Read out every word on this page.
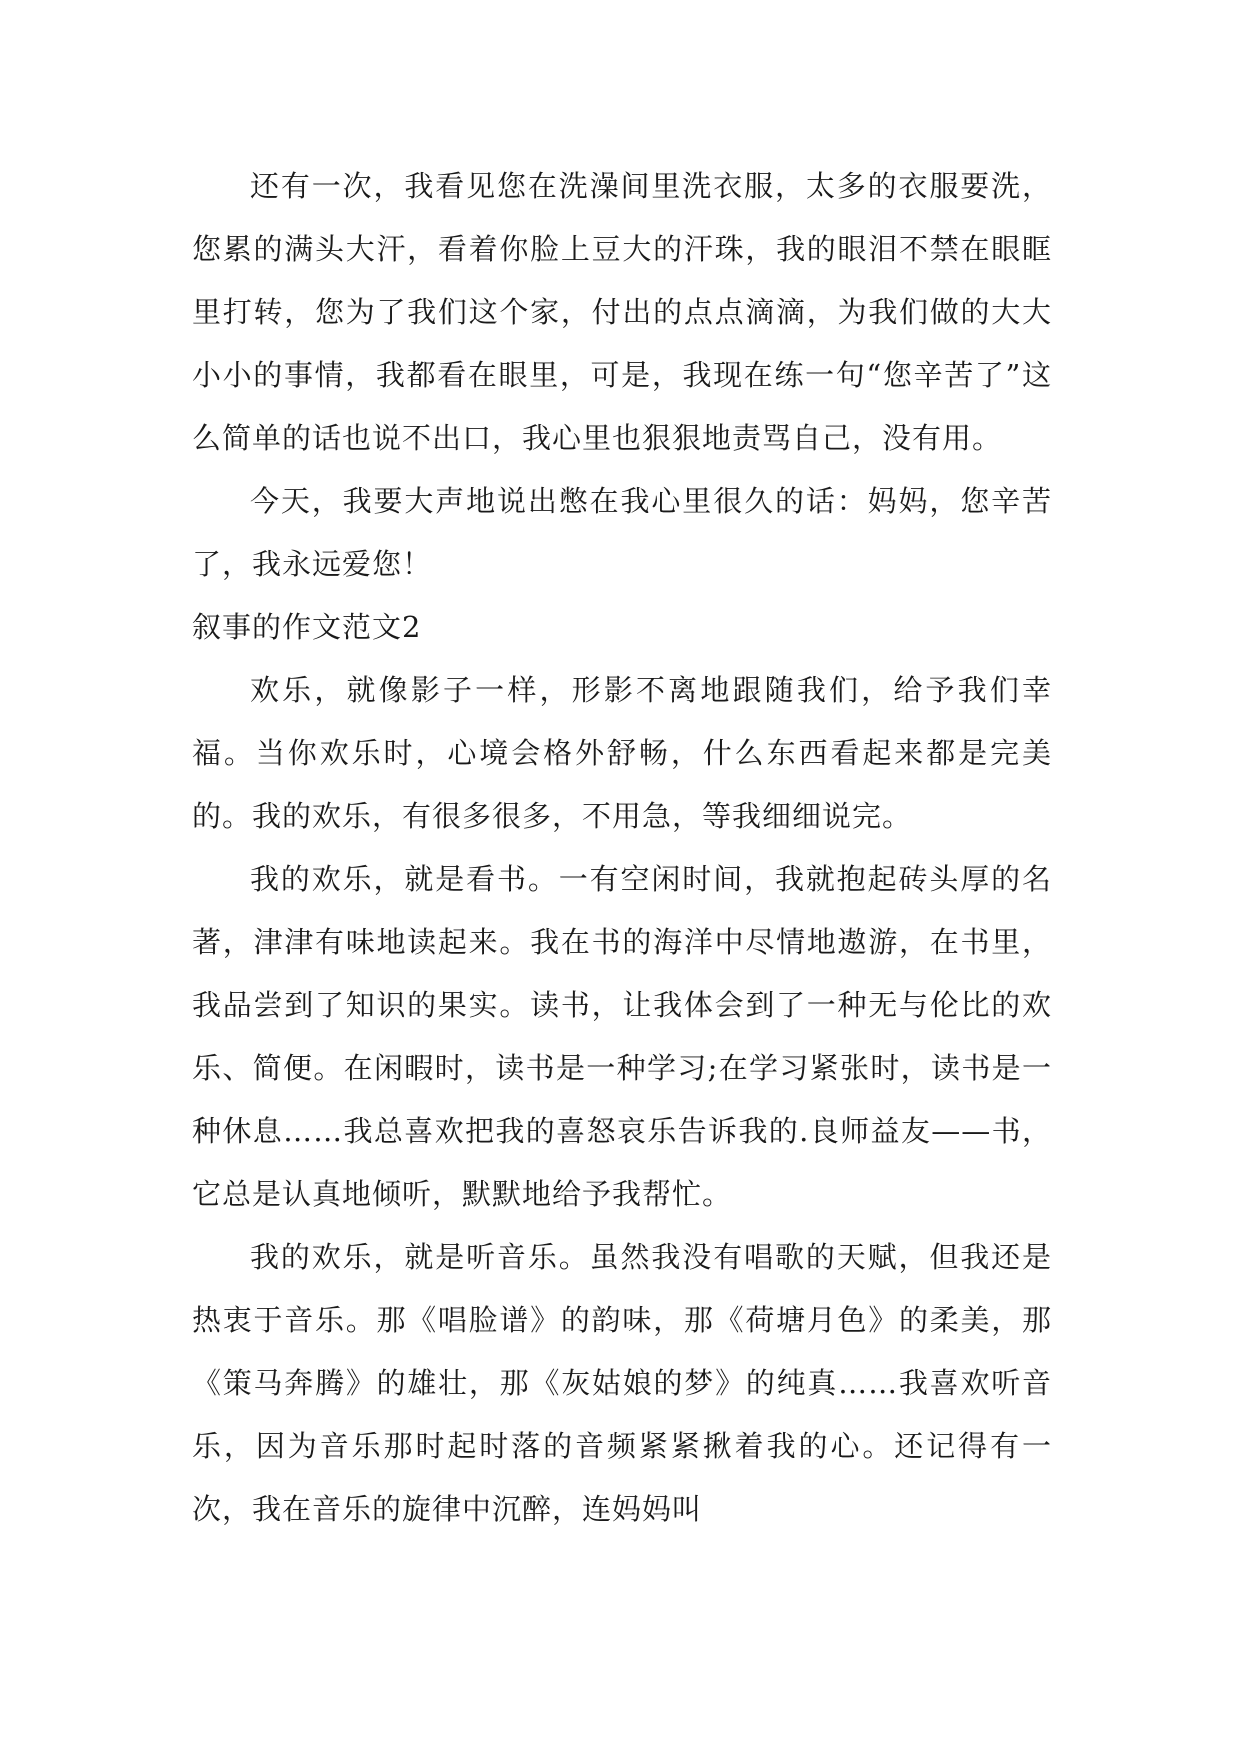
还有一次，我看见您在洗澡间里洗衣服，太多的衣服要洗，您累的满头大汗，看着你脸上豆大的汗珠，我的眼泪不禁在眼眶里打转，您为了我们这个家，付出的点点滴滴，为我们做的大大小小的事情，我都看在眼里，可是，我现在练一句“您辛苦了”这么简单的话也说不出口，我心里也狠狠地责骂自己，没有用。

今天，我要大声地说出憋在我心里很久的话：妈妈，您辛苦了，我永远爱您！

叙事的作文范文2

欢乐，就像影子一样，形影不离地跟随我们，给予我们幸福。当你欢乐时，心境会格外舒畅，什么东西看起来都是完美的。我的欢乐，有很多很多，不用急，等我细细说完。

我的欢乐，就是看书。一有空闲时间，我就抱起砖头厚的名著，津津有味地读起来。我在书的海洋中尽情地遨游，在书里，我品尝到了知识的果实。读书，让我体会到了一种无与伦比的欢乐、简便。在闲暇时，读书是一种学习;在学习紧张时，读书是一种休息……我总喜欢把我的喜怒哀乐告诉我的.良师益友——书，它总是认真地倾听，默默地给予我帮忙。

我的欢乐，就是听音乐。虽然我没有唱歌的天赋，但我还是热衷于音乐。那《唱脸谱》的韵味，那《荷塘月色》的柔美，那《策马奔腾》的雄壮，那《灰姑娘的梦》的纯真……我喜欢听音乐，因为音乐那时起时落的音频紧紧揪着我的心。还记得有一次，我在音乐的旋律中沉醉，连妈妈叫
